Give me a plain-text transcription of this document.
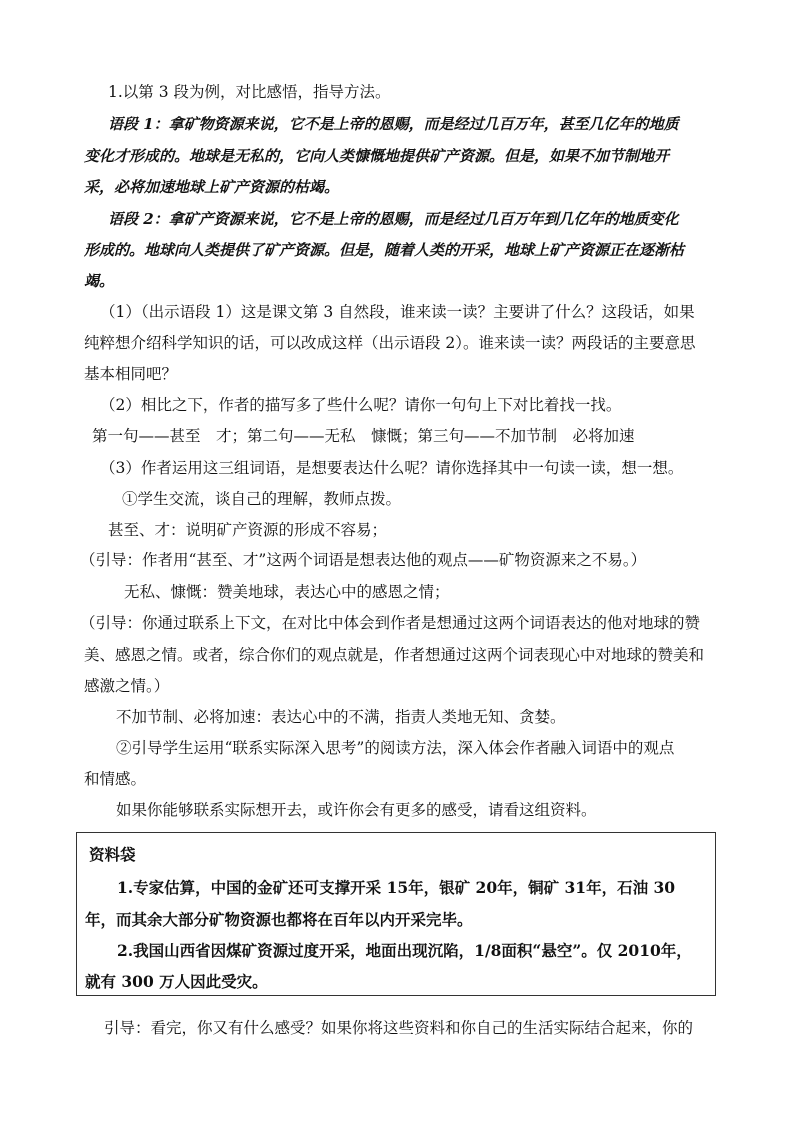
1.以第 3 段为例，对比感悟，指导方法。
语段 1：拿矿物资源来说，它不是上帝的恩赐，而是经过几百万年，甚至几亿年的地质
变化才形成的。地球是无私的，它向人类慷慨地提供矿产资源。但是，如果不加节制地开
采，必将加速地球上矿产资源的枯竭。
语段 2：拿矿产资源来说，它不是上帝的恩赐，而是经过几百万年到几亿年的地质变化
形成的。地球向人类提供了矿产资源。但是，随着人类的开采，地球上矿产资源正在逐渐枯
竭。
（1）（出示语段 1）这是课文第 3 自然段，谁来读一读？主要讲了什么？这段话，如果
纯粹想介绍科学知识的话，可以改成这样（出示语段 2）。谁来读一读？两段话的主要意思
基本相同吧？
（2）相比之下，作者的描写多了些什么呢？请你一句句上下对比着找一找。
第一句——甚至　才；第二句——无私　慷慨；第三句——不加节制　必将加速
（3）作者运用这三组词语，是想要表达什么呢？请你选择其中一句读一读，想一想。
①学生交流，谈自己的理解，教师点拨。
甚至、才：说明矿产资源的形成不容易；
（引导：作者用“甚至、才”这两个词语是想表达他的观点——矿物资源来之不易。）
无私、慷慨：赞美地球，表达心中的感恩之情；
（引导：你通过联系上下文，在对比中体会到作者是想通过这两个词语表达的他对地球的赞
美、感恩之情。或者，综合你们的观点就是，作者想通过这两个词表现心中对地球的赞美和
感激之情。）
不加节制、必将加速：表达心中的不满，指责人类地无知、贪婪。
②引导学生运用“联系实际深入思考”的阅读方法，深入体会作者融入词语中的观点
和情感。
如果你能够联系实际想开去，或许你会有更多的感受，请看这组资料。
资料袋
1.专家估算，中国的金矿还可支撑开采 15年，银矿 20年，铜矿 31年，石油 30
年，而其余大部分矿物资源也都将在百年以内开采完毕。
2.我国山西省因煤矿资源过度开采，地面出现沉陷，1/8面积“悬空”。仅 2010年，
就有 300 万人因此受灾。
引导：看完，你又有什么感受？如果你将这些资料和你自己的生活实际结合起来，你的
